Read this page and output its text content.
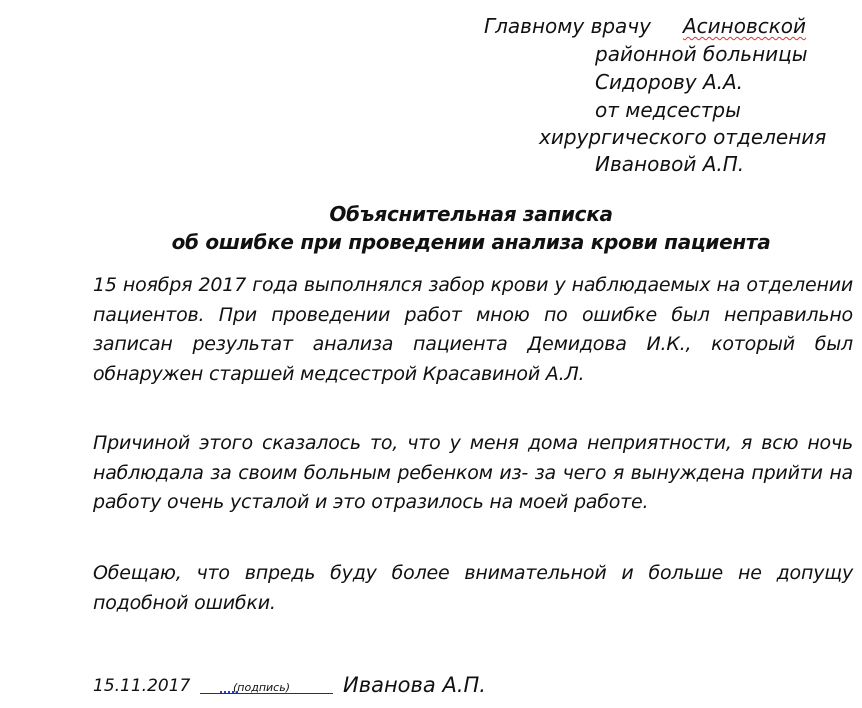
Главному врачу Асиновской
районной больницы
Сидорову А.А.
от медсестры
хирургического отделения
Ивановой А.П.
Объяснительная записка
об ошибке при проведении анализа крови пациента

15 ноября 2017 года выполнялся забор крови у наблюдаемых на отделении пациентов. При проведении работ мною по ошибке был неправильно записан результат анализа пациента Демидова И.К., который был обнаружен старшей медсестрой Красавиной А.Л.

Причиной этого сказалось то, что у меня дома неприятности, я всю ночь наблюдала за своим больным ребенком из- за чего я вынуждена прийти на работу очень усталой и это отразилось на моей работе.

Обещаю, что впредь буду более внимательной и больше не допущу подобной ошибки.

15.11.2017	(подпись)	Иванова А.П.
